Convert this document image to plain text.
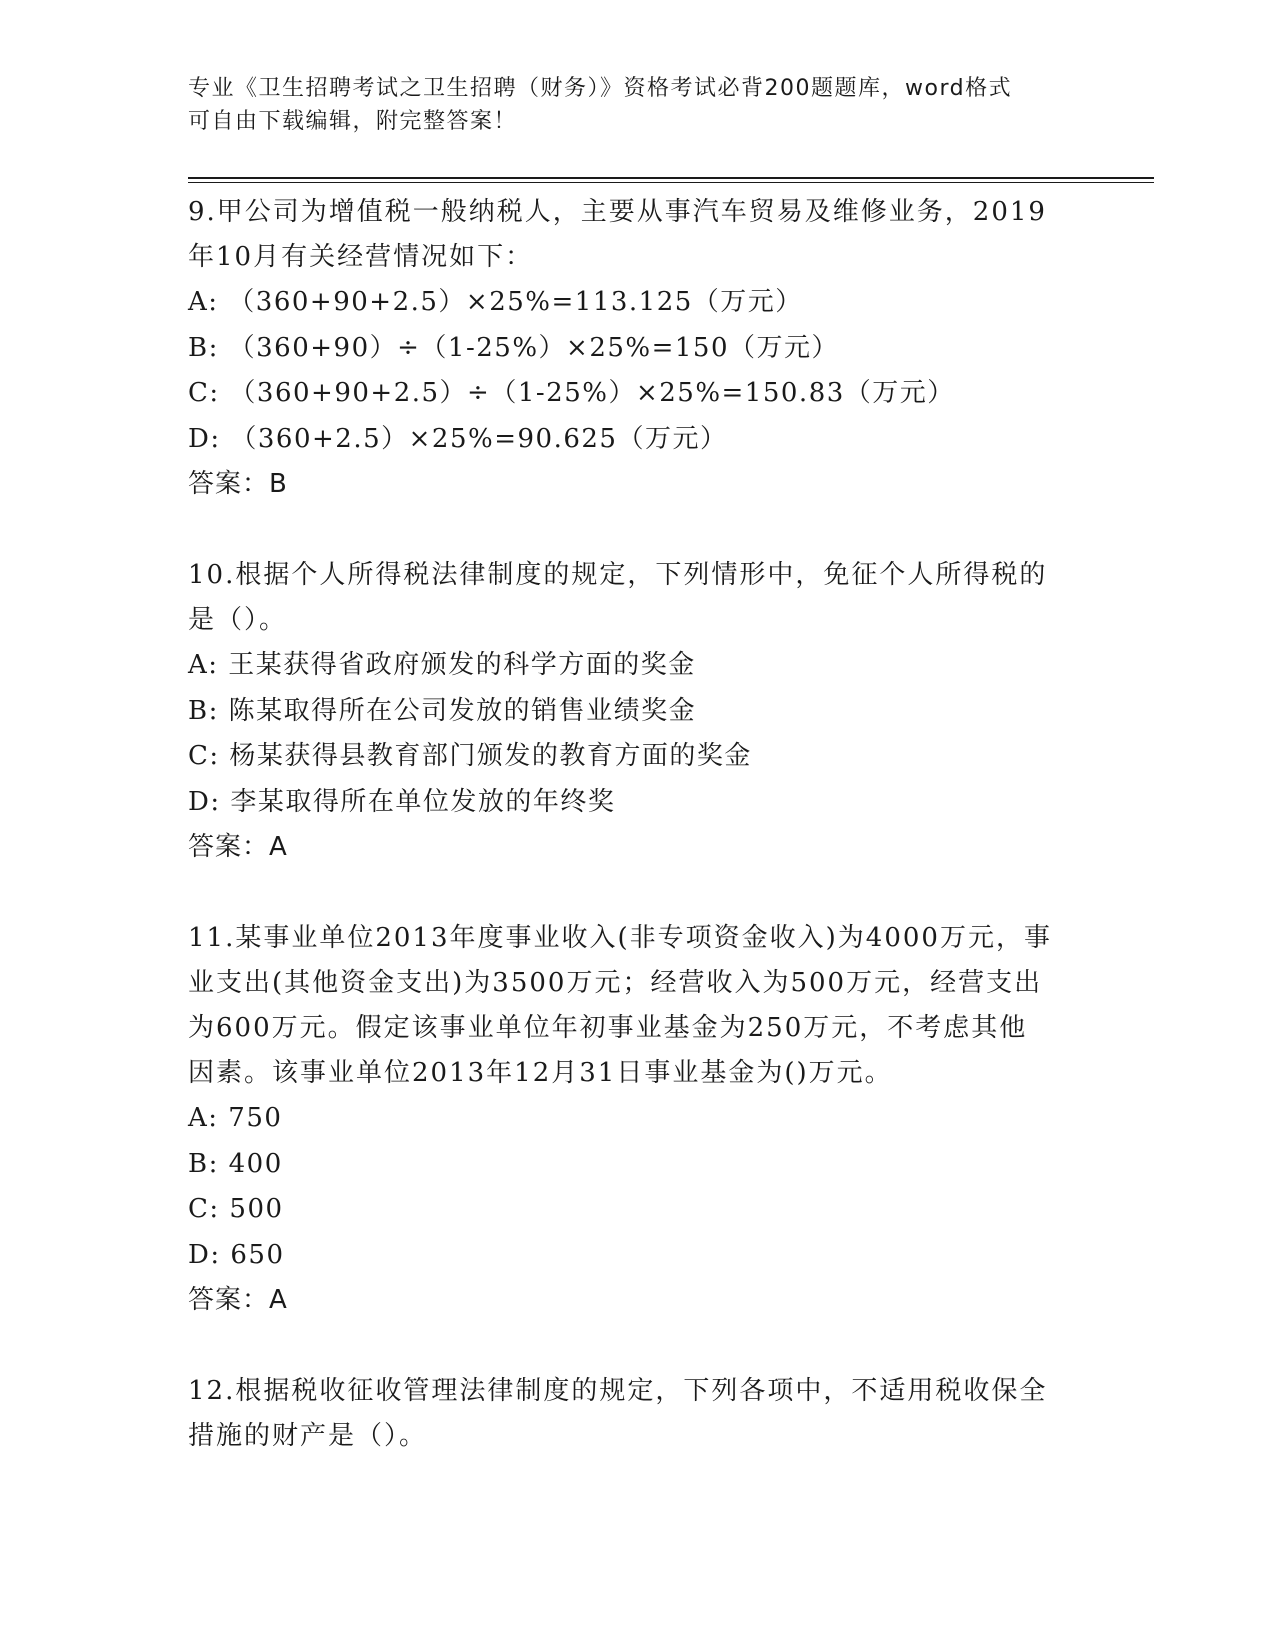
专业《卫生招聘考试之卫生招聘（财务）》资格考试必背200题题库，word格式
可自由下载编辑，附完整答案！
9.甲公司为增值税一般纳税人，主要从事汽车贸易及维修业务，2019
年10月有关经营情况如下：
A: （360+90+2.5）×25%=113.125（万元）
B: （360+90）÷（1-25%）×25%=150（万元）
C: （360+90+2.5）÷（1-25%）×25%=150.83（万元）
D: （360+2.5）×25%=90.625（万元）
答案：B
10.根据个人所得税法律制度的规定，下列情形中，免征个人所得税的
是（）。
A: 王某获得省政府颁发的科学方面的奖金
B: 陈某取得所在公司发放的销售业绩奖金
C: 杨某获得县教育部门颁发的教育方面的奖金
D: 李某取得所在单位发放的年终奖
答案：A
11.某事业单位2013年度事业收入(非专项资金收入)为4000万元，事
业支出(其他资金支出)为3500万元；经营收入为500万元，经营支出
为600万元。假定该事业单位年初事业基金为250万元，不考虑其他
因素。该事业单位2013年12月31日事业基金为()万元。
A: 750
B: 400
C: 500
D: 650
答案：A
12.根据税收征收管理法律制度的规定，下列各项中，不适用税收保全
措施的财产是（）。
